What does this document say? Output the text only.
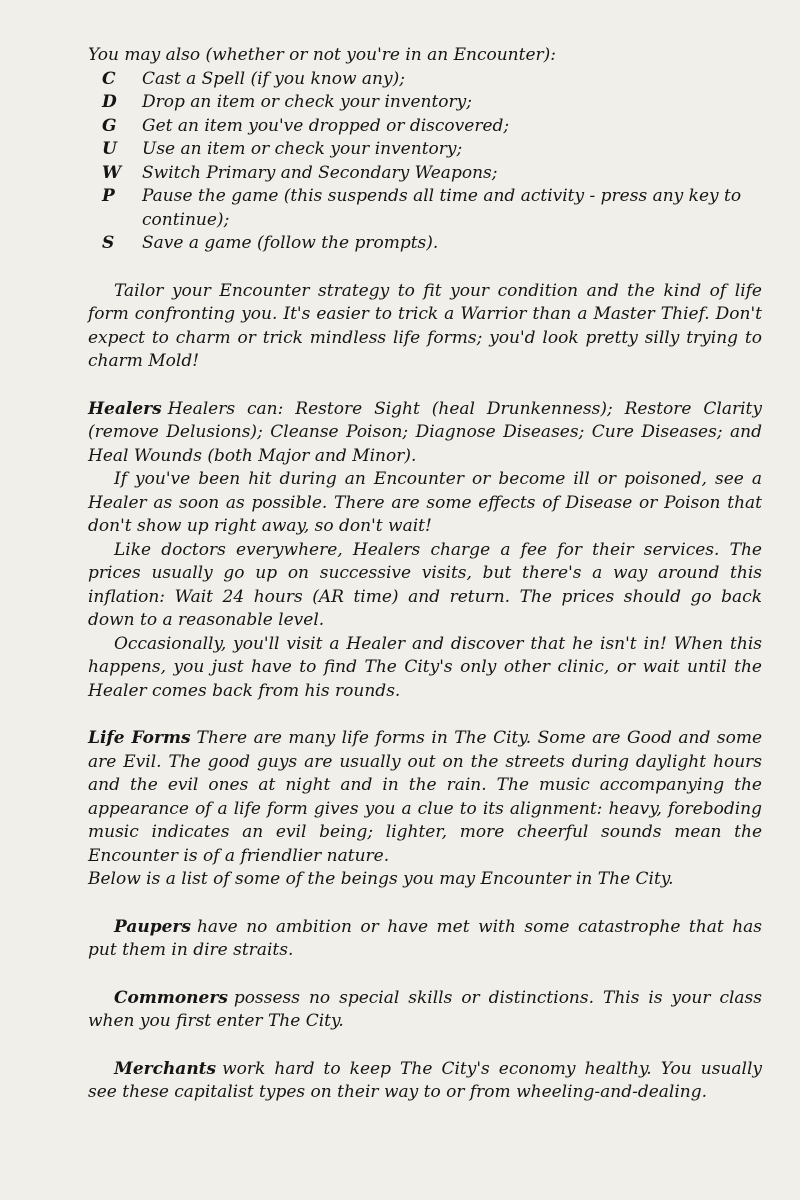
You may also (whether or not you're in an Encounter):

C	Cast a Spell (if you know any);
D	Drop an item or check your inventory;
G	Get an item you've dropped or discovered;
U	Use an item or check your inventory;
W	Switch Primary and Secondary Weapons;
P	Pause the game (this suspends all time and activity - press any key to continue);
S	Save a game (follow the prompts).

Tailor your Encounter strategy to fit your condition and the kind of life form confronting you. It's easier to trick a Warrior than a Master Thief. Don't expect to charm or trick mindless life forms; you'd look pretty silly trying to charm Mold!

Healers Healers can: Restore Sight (heal Drunkenness); Restore Clarity (remove Delusions); Cleanse Poison; Diagnose Diseases; Cure Diseases; and Heal Wounds (both Major and Minor).

If you've been hit during an Encounter or become ill or poisoned, see a Healer as soon as possible. There are some effects of Disease or Poison that don't show up right away, so don't wait!

Like doctors everywhere, Healers charge a fee for their services. The prices usually go up on successive visits, but there's a way around this inflation: Wait 24 hours (AR time) and return. The prices should go back down to a reasonable level.

Occasionally, you'll visit a Healer and discover that he isn't in! When this happens, you just have to find The City's only other clinic, or wait until the Healer comes back from his rounds.

Life Forms There are many life forms in The City. Some are Good and some are Evil. The good guys are usually out on the streets during daylight hours and the evil ones at night and in the rain. The music accompanying the appearance of a life form gives you a clue to its alignment: heavy, foreboding music indicates an evil being; lighter, more cheerful sounds mean the Encounter is of a friendlier nature.

Below is a list of some of the beings you may Encounter in The City.

Paupers have no ambition or have met with some catastrophe that has put them in dire straits.

Commoners possess no special skills or distinctions. This is your class when you first enter The City.

Merchants work hard to keep The City's economy healthy. You usually see these capitalist types on their way to or from wheeling-and-dealing.
